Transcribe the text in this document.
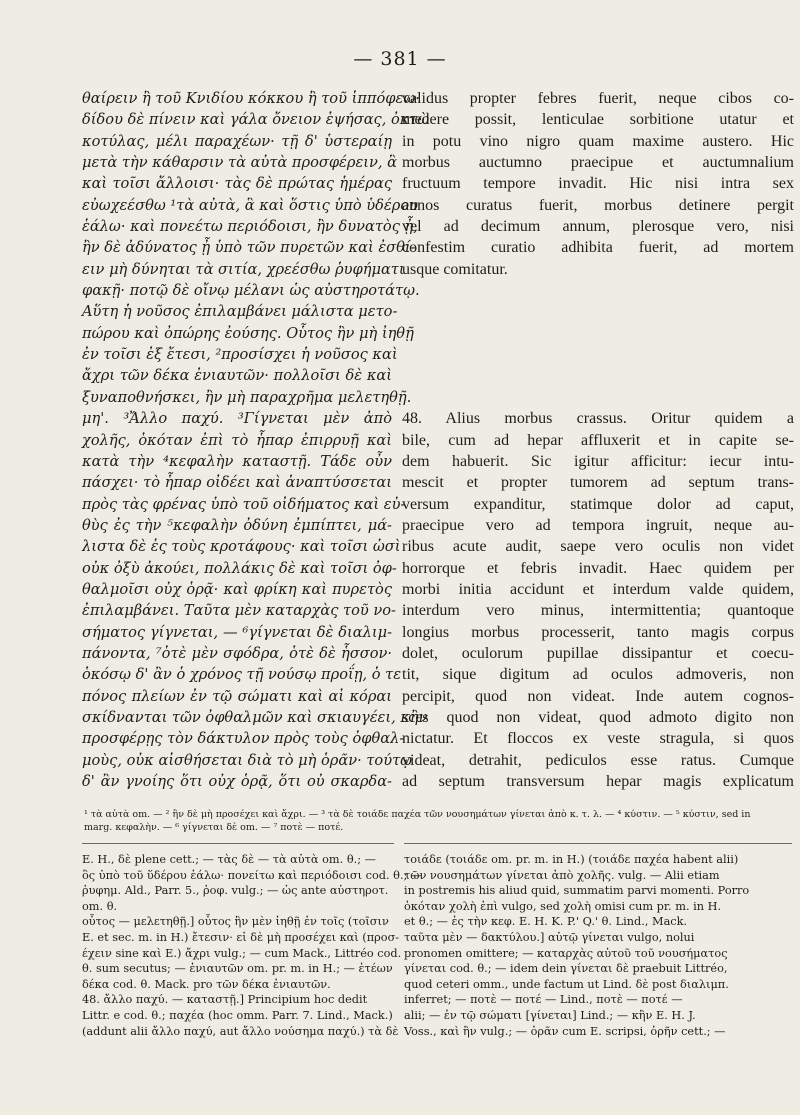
— 381 —
θαίρειν ἢ τοῦ Κνιδίου κόκκου ἢ τοῦ ἱππόφεω·
δίδου δὲ πίνειν καὶ γάλα ὄνειον ἑψήσας, ὀκτὼ
κοτύλας, μέλι παραχέων· τῇ δ' ὑστεραίῃ
μετὰ τὴν κάθαρσιν τὰ αὐτὰ προσφέρειν, ἃ
καὶ τοῖσι ἄλλοισι· τὰς δὲ πρώτας ἡμέρας
εὐωχεέσθω ¹τὰ αὐτὰ, ἃ καὶ ὅστις ὑπὸ ὑδέρου
ἑάλω· καὶ πονεέτω περιόδοισι, ἢν δυνατὸς ᾖ,
ἢν δὲ ἀδύνατος ᾖ ὑπὸ τῶν πυρετῶν καὶ ἐσθί-
ειν μὴ δύνηται τὰ σιτία, χρεέσθω ῥυφήματι
φακῇ· ποτῷ δὲ οἴνῳ μέλανι ὡς αὐστηροτάτῳ.
Αὕτη ἡ νοῦσος ἐπιλαμβάνει μάλιστα μετο-
πώρου καὶ ὀπώρης ἐούσης. Οὗτος ἢν μὴ ἰηθῇ
ἐν τοῖσι ἐξ ἔτεσι, ²προσίσχει ἡ νοῦσος καὶ
ἄχρι τῶν δέκα ἐνιαυτῶν· πολλοῖσι δὲ καὶ
ξυναποθνήσκει, ἢν μὴ παραχρῆμα μελετηθῇ.
μη'. ³Ἄλλο παχύ. ³Γίγνεται μὲν ἀπὸ
χολῆς, ὁκόταν ἐπὶ τὸ ἧπαρ ἐπιρρυῇ καὶ
κατὰ τὴν ⁴κεφαλὴν καταστῇ. Τάδε οὖν
πάσχει· τὸ ἧπαρ οἰδέει καὶ ἀναπτύσσεται
πρὸς τὰς φρένας ὑπὸ τοῦ οἰδήματος καὶ εὐ-
θὺς ἐς τὴν ⁵κεφαλὴν ὀδύνη ἐμπίπτει, μά-
λιστα δὲ ἐς τοὺς κροτάφους· καὶ τοῖσι ὠσὶ
οὐκ ὀξὺ ἀκούει, πολλάκις δὲ καὶ τοῖσι ὀφ-
θαλμοῖσι οὐχ ὁρᾷ· καὶ φρίκη καὶ πυρετὸς
ἐπιλαμβάνει. Ταῦτα μὲν καταρχὰς τοῦ νο-
σήματος γίγνεται, — ⁶γίγνεται δὲ διαλιμ-
πάνοντα, ⁷ὁτὲ μὲν σφόδρα, ὁτὲ δὲ ἧσσον·
ὁκόσῳ δ' ἂν ὁ χρόνος τῇ νούσῳ προΐῃ, ὁ τε
πόνος πλείων ἐν τῷ σώματι καὶ αἱ κόραι
σκίδνανται τῶν ὀφθαλμῶν καὶ σκιαυγέει, κἢν
προσφέρῃς τὸν δάκτυλον πρὸς τοὺς ὀφθαλ-
μοὺς, οὐκ αἰσθήσεται διὰ τὸ μὴ ὁρᾶν· τούτῳ
δ' ἂν γνοίης ὅτι οὐχ ὁρᾷ, ὅτι οὐ σκαρδα-
validus propter febres fuerit, neque cibos co-
medere possit, lenticulae sorbitione utatur et
in potu vino nigro quam maxime austero. Hic
morbus auctumno praecipue et auctumnalium
fructuum tempore invadit. Hic nisi intra sex
annos curatus fuerit, morbus detinere pergit
vel ad decimum annum, plerosque vero, nisi
confestim curatio adhibita fuerit, ad mortem
usque comitatur.
48. Alius morbus crassus. Oritur quidem a
bile, cum ad hepar affluxerit et in capite se-
dem habuerit. Sic igitur afficitur: iecur intu-
mescit et propter tumorem ad septum trans-
versum expanditur, statimque dolor ad caput,
praecipue vero ad tempora ingruit, neque au-
ribus acute audit, saepe vero oculis non videt
horrorque et febris invadit. Haec quidem per
morbi initia accidunt et interdum valde quidem,
interdum vero minus, intermittentia; quantoque
longius morbus processerit, tanto magis corpus
dolet, oculorum pupillae dissipantur et coecu-
tit, sique digitum ad oculos admoveris, non
percipit, quod non videat. Inde autem cognos-
sces quod non videat, quod admoto digito non
nictatur. Et floccos ex veste stragula, si quos
videat, detrahit, pediculos esse ratus. Cumque
ad septum transversum hepar magis explicatum
¹ τὰ αὐτὰ om. — ² ἢν δὲ μὴ προσέχει καὶ ἄχρι. — ³ τὰ δὲ τοιάδε παχέα τῶν νουσημάτων γίνεται ἀπὸ κ. τ. λ. — ⁴ κύστιν. — ⁵ κύστιν, sed in
marg. κεφαλὴν. — ⁶ γίγνεται δὲ om. — ⁷ ποτὲ — ποτέ.
E. H., δὲ plene cett.; — τὰς δὲ — τὰ αὐτὰ om. θ.; —
ὃς ὑπὸ τοῦ ὕδέρου ἑάλω· πονείτω καὶ περιόδοισι cod. θ.; —
ῥυφημ. Ald., Parr. 5., ῥοφ. vulg.; — ὡς ante αὐστηροτ.
om. θ.
οὗτος — μελετηθῇ.] οὗτος ἢν μὲν ἰηθῇ ἐν τοῖς (τοῖσιν
E. et sec. m. in H.) ἔτεσιν· εἰ δὲ μὴ προσέχει καὶ (προσ-
έχειν sine καὶ E.) ἄχρι vulg.; — cum Mack., Littréo cod.
θ. sum secutus; — ἐνιαυτῶν om. pr. m. in H.; — ἐτέων
δέκα cod. θ. Mack. pro τῶν δέκα ἐνιαυτῶν.
48. ἄλλο παχύ. — καταστῇ.] Principium hoc dedit
Littr. e cod. θ.; παχέα (hoc omm. Parr. 7. Lind., Mack.)
(addunt alii ἄλλο παχύ, aut ἄλλο νούσημα παχύ.) τὰ δὲ
τοιάδε (τοιάδε om. pr. m. in H.) (τοιάδε παχέα habent alii)
τῶν νουσημάτων γίνεται ἀπὸ χολῆς. vulg. — Alii etiam
in postremis his aliud quid, summatim parvi momenti. Porro
ὁκόταν χολὴ ἐπὶ vulgo, sed χολὴ omisi cum pr. m. in H.
et θ.; — ἐς τὴν κεφ. E. H. K. P.' Q.' θ. Lind., Mack.
ταῦτα μὲν — δακτύλου.] αὐτῷ γίνεται vulgo, nolui
pronomen omittere; — καταρχὰς αὐτοῦ τοῦ νουσήματος
γίνεται cod. θ.; — idem dein γίνεται δὲ praebuit Littréo,
quod ceteri omm., unde factum ut Lind. δὲ post διαλιμπ.
inferret; — ποτὲ — ποτέ — Lind., ποτὲ — ποτέ —
alii; — ἐν τῷ σώματι [γίνεται] Lind.; — κἢν E. H. J.
Voss., καὶ ἢν vulg.; — ὁρᾶν cum E. scripsi, ὁρῆν cett.; —
